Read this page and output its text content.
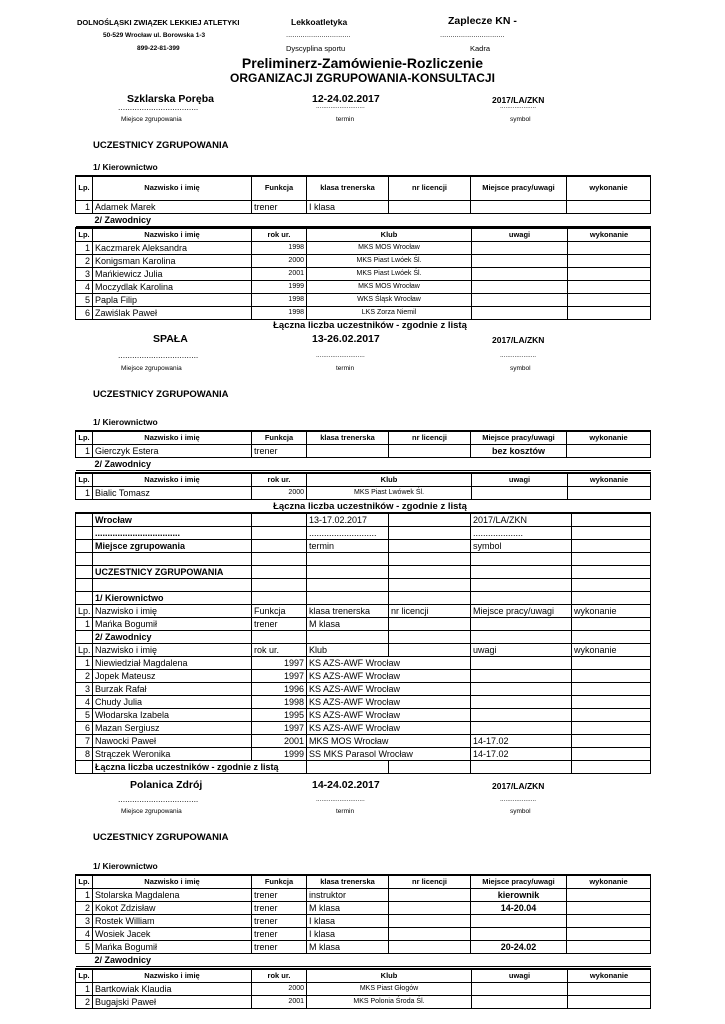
DOLNOŚLĄSKI ZWIĄZEK LEKKIEJ ATLETYKI
50-529 Wrocław ul. Borowska 1-3
899-22-81-399
Lekkoatletyka
...............................
Dyscyplina sportu
Zaplecze KN -
...............................
Kadra
Preliminerz-Zamówienie-Rozliczenie
ORGANIZACJI ZGRUPOWANIA-KONSULTACJI
Szklarska Poręba
..................................
12-24.02.2017
...........................
2017/LA/ZKN
....................
Miejsce zgrupowania	termin	symbol
UCZESTNICY ZGRUPOWANIA
1/ Kierownictwo
Lp.	Nazwisko i imię	Funkcja	klasa trenerska	nr licencji	Miejsce pracy/uwagi	wykonanie
1	Adamek Marek	trener	I klasa			
	2/ Zawodnicy					
Lp.	Nazwisko i imię	rok ur.	Klub	uwagi	wykonanie
1	Kaczmarek Aleksandra	1998	MKS MOS Wrocław		
2	Konigsman Karolina	2000	MKS Piast Lwóek Śl.		
3	Mańkiewicz Julia	2001	MKS Piast Lwóek Śl.		
4	Moczydlak Karolina	1999	MKS MOS Wrocław		
5	Papla Filip	1998	WKS Śląsk Wrocław		
6	Zawiślak Paweł	1998	LKS Zorza Niemil		
Łączna liczba uczestników - zgodnie z listą
SPAŁA
..................................
13-26.02.2017
...........................
2017/LA/ZKN
....................
Miejsce zgrupowania	termin	symbol
UCZESTNICY ZGRUPOWANIA
1/ Kierownictwo
Lp.	Nazwisko i imię	Funkcja	klasa trenerska	nr licencji	Miejsce pracy/uwagi	wykonanie
1	Gierczyk Estera	trener			bez kosztów	
	2/ Zawodnicy					
Lp.	Nazwisko i imię	rok ur.	Klub	uwagi	wykonanie
1	Bialic Tomasz	2000	MKS Piast Lwówek Śl.		
Łączna liczba uczestników - zgodnie z listą
	Wrocław		13-17.02.2017		2017/LA/ZKN	
	..................................		...........................		....................	
	Miejsce zgrupowania		termin		symbol	

	UCZESTNICY ZGRUPOWANIA					

	1/ Kierownictwo					
Lp.	Nazwisko i imię	Funkcja	klasa trenerska	nr licencji	Miejsce pracy/uwagi	wykonanie
1	Mańka Bogumił	trener	M klasa			
	2/ Zawodnicy					
Lp.	Nazwisko i imię	rok ur.	Klub		uwagi	wykonanie
1	Niewiedział Magdalena	1997	KS AZS-AWF Wrocław			
2	Jopek Mateusz	1997	KS AZS-AWF Wrocław			
3	Burzak Rafał	1996	KS AZS-AWF Wrocław			
4	Chudy Julia	1998	KS AZS-AWF Wrocław			
5	Włodarska Izabela	1995	KS AZS-AWF Wrocław			
6	Mazan Sergiusz	1997	KS AZS-AWF Wrocław			
7	Nawocki Paweł	2001	MKS MOS Wrocław		14-17.02	
8	Strączek Weronika	1999	SS MKS Parasol Wrocław		14-17.02	
	Łączna liczba uczestników - zgodnie z listą					
Polanica Zdrój
..................................
14-24.02.2017
...........................
2017/LA/ZKN
....................
Miejsce zgrupowania	termin	symbol
UCZESTNICY ZGRUPOWANIA
1/ Kierownictwo
Lp.	Nazwisko i imię	Funkcja	klasa trenerska	nr licencji	Miejsce pracy/uwagi	wykonanie
1	Stolarska Magdalena	trener	instruktor		kierownik	
2	Kokot Zdzisław	trener	M klasa		14-20.04	
3	Rostek William	trener	I klasa			
4	Wosiek Jacek	trener	I klasa			
5	Mańka Bogumił	trener	M klasa		20-24.02	
	2/ Zawodnicy					
Lp.	Nazwisko i imię	rok ur.	Klub	uwagi	wykonanie
1	Bartkowiak Klaudia	2000	MKS Piast Głogów		
2	Bugajski Paweł	2001	MKS Polonia Środa Śl.		
